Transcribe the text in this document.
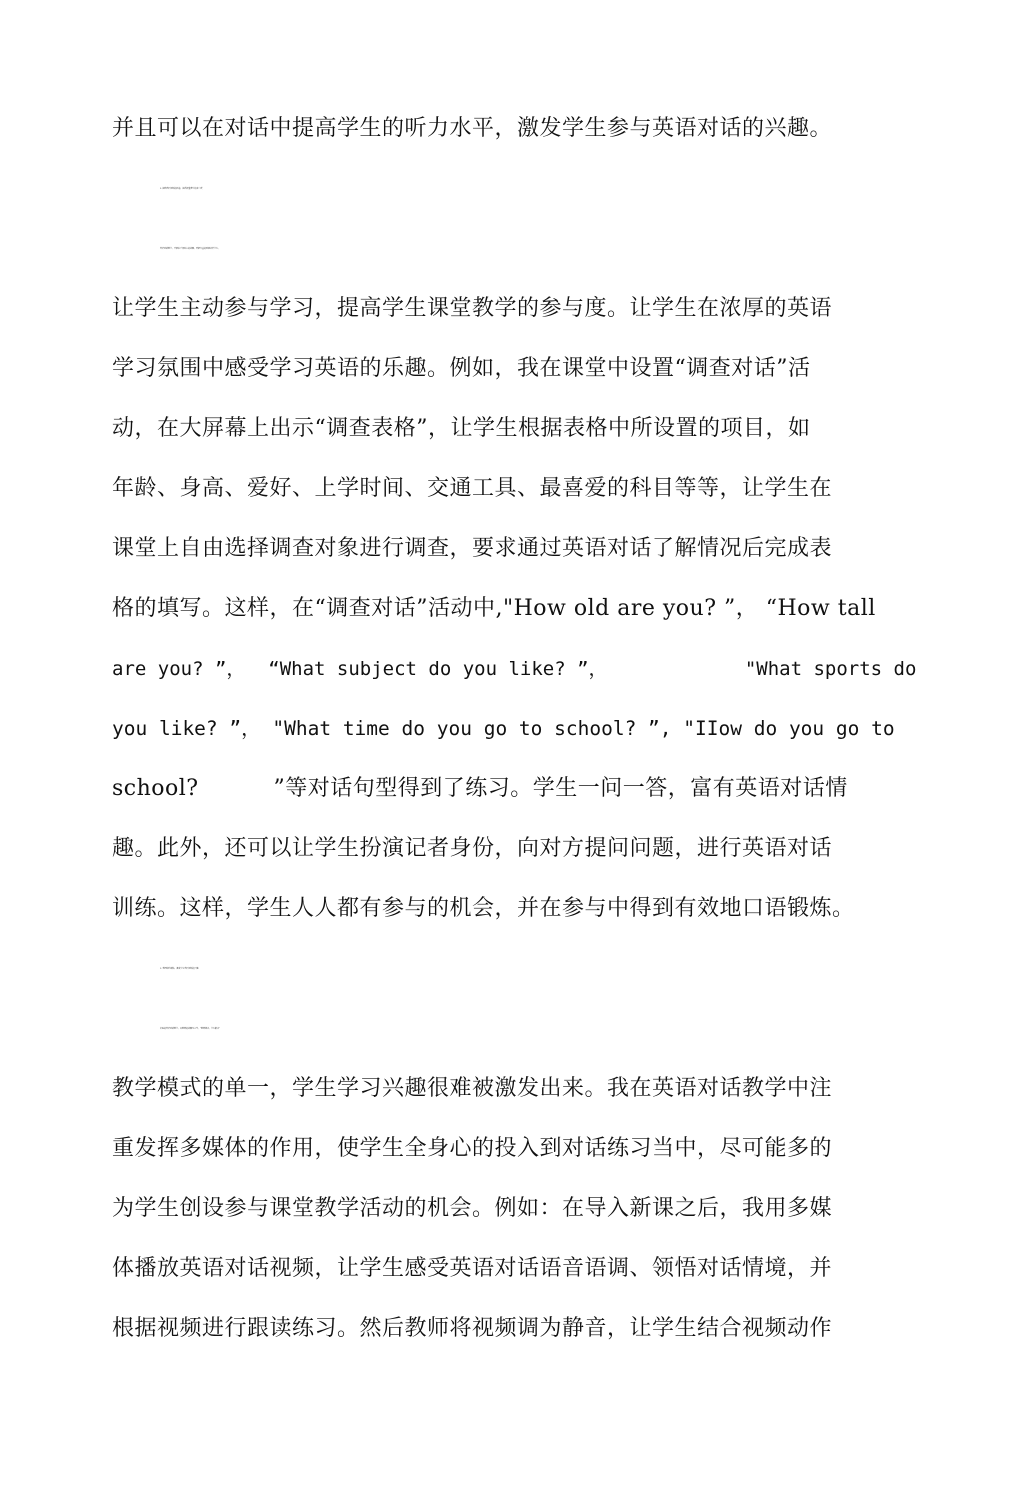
并且可以在对话中提高学生的听力水平，激发学生参与英语对话的兴趣。
2. 提供英语对话的机会，提高课堂教学的参与度
英语对话教学，不能拘于知识点的讲解，要把大量的时间放给学生，
让学生主动参与学习，提高学生课堂教学的参与度。让学生在浓厚的英语
学习氛围中感受学习英语的乐趣。例如，我在课堂中设置“调查对话”活
动，在大屏幕上出示“调查表格”，让学生根据表格中所设置的项目，如
年龄、身高、爱好、上学时间、交通工具、最喜爱的科目等等，让学生在
课堂上自由选择调查对象进行调查，要求通过英语对话了解情况后完成表
格的填写。这样，在“调查对话”活动中,"How old are you? ”， “How tall
are you? ”，  “What subject do you like? ”，            "What sports do
you like? ”， "What time do you go to school? ”, "IIow do you go to
school?          ”等对话句型得到了练习。学生一问一答，富有英语对话情
趣。此外，还可以让学生扮演记者身份，向对方提问问题，进行英语对话
训练。这样，学生人人都有参与的机会，并在参与中得到有效地口语锻炼。
3. 利用现代媒体，激发学生英语对话的兴趣
传统的英语对话教学，以教师的讲解为主导，“教师领读，学生跟读”
教学模式的单一，学生学习兴趣很难被激发出来。我在英语对话教学中注
重发挥多媒体的作用，使学生全身心的投入到对话练习当中，尽可能多的
为学生创设参与课堂教学活动的机会。例如：在导入新课之后，我用多媒
体播放英语对话视频，让学生感受英语对话语音语调、领悟对话情境，并
根据视频进行跟读练习。然后教师将视频调为静音，让学生结合视频动作
